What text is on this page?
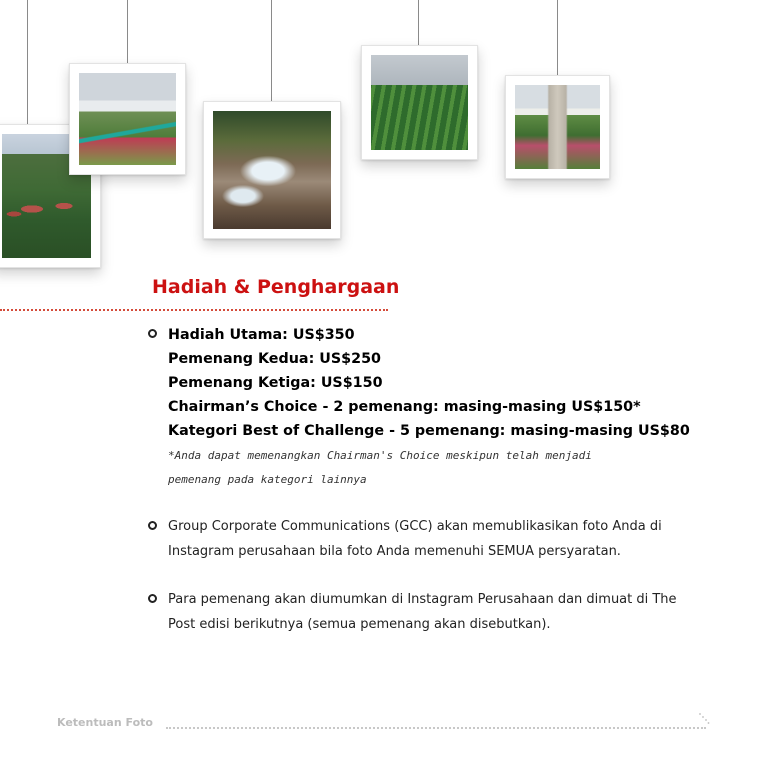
Hadiah & Penghargaan
Hadiah Utama: US$350
Pemenang Kedua: US$250
Pemenang Ketiga: US$150
Chairman’s Choice - 2 pemenang: masing-masing US$150*
Kategori Best of Challenge - 5 pemenang: masing-masing US$80
*Anda dapat memenangkan Chairman's Choice meskipun telah menjadi
pemenang pada kategori lainnya
Group Corporate Communications (GCC) akan memublikasikan foto Anda di
Instagram perusahaan bila foto Anda memenuhi SEMUA persyaratan.
Para pemenang akan diumumkan di Instagram Perusahaan dan dimuat di The
Post edisi berikutnya (semua pemenang akan disebutkan).
Ketentuan Foto
